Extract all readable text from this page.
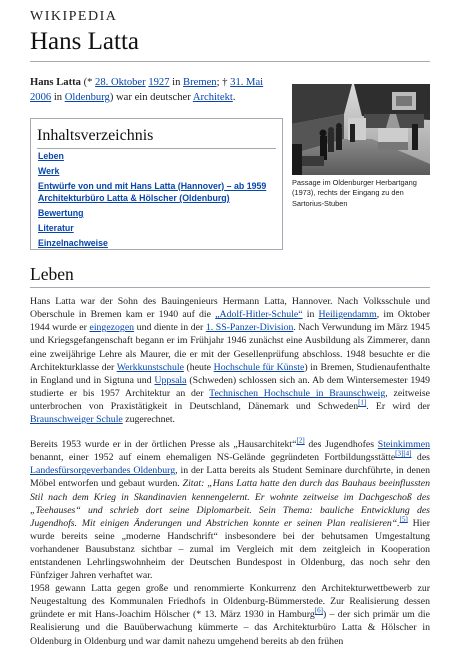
WIKIPEDIA
Hans Latta

Hans Latta (* 28. Oktober 1927 in Bremen; † 31. Mai 2006 in Oldenburg) war ein deutscher Architekt.

Inhaltsverzeichnis
Leben
Werk
Entwürfe von und mit Hans Latta (Hannover) – ab 1959
Architekturbüro Latta & Hölscher (Oldenburg)
Bewertung
Literatur
Einzelnachweise

Passage im Oldenburger Herbartgang (1973), rechts der Eingang zu den Sartorius-Stuben

Leben

Hans Latta war der Sohn des Bauingenieurs Hermann Latta, Hannover. Nach Volksschule und Oberschule in Bremen kam er 1940 auf die „Adolf-Hitler-Schule“ in Heiligendamm, im Oktober 1944 wurde er eingezogen und diente in der 1. SS-Panzer-Division. Nach Verwundung im März 1945 und Kriegsgefangenschaft begann er im Frühjahr 1946 zunächst eine Ausbildung als Zimmerer, dann eine zweijährige Lehre als Maurer, die er mit der Gesellenprüfung abschloss. 1948 besuchte er die Architekturklasse der Werkkunstschule (heute Hochschule für Künste) in Bremen, Studienaufenthalte in England und in Sigtuna und Uppsala (Schweden) schlossen sich an. Ab dem Wintersemester 1949 studierte er bis 1957 Architektur an der Technischen Hochschule in Braunschweig, zeitweise unterbrochen von Praxistätigkeit in Deutschland, Dänemark und Schweden[1]. Er wird der Braunschweiger Schule zugerechnet.

Bereits 1953 wurde er in der örtlichen Presse als „Hausarchitekt“[2] des Jugendhofes Steinkimmen benannt, einer 1952 auf einem ehemaligen NS-Gelände gegründeten Fortbildungsstätte[3][4] des Landesfürsorgeverbandes Oldenburg, in der Latta bereits als Student Seminare durchführte, in denen Möbel entworfen und gebaut wurden. Zitat: „Hans Latta hatte den durch das Bauhaus beeinflussten Stil nach dem Krieg in Skandinavien kennengelernt. Er wohnte zeitweise im Dachgeschoß des „Teehauses“ und schrieb dort seine Diplomarbeit. Sein Thema: bauliche Entwicklung des Jugendhofs. Mit einigen Änderungen und Abstrichen konnte er seinen Plan realisieren“.[5] Hier wurde bereits seine „moderne Handschrift“ insbesondere bei der behutsamen Umgestaltung vorhandener Bausubstanz sichtbar – zumal im Vergleich mit dem zeitgleich in Kooperation entstandenen Lehrlingswohnheim der Deutschen Bundespost in Oldenburg, das noch sehr den Fünfziger Jahren verhaftet war.

1958 gewann Latta gegen große und renommierte Konkurrenz den Architekturwettbewerb zur Neugestaltung des Kommunalen Friedhofs in Oldenburg-Bümmerstede. Zur Realisierung dessen gründete er mit Hans-Joachim Hölscher (* 13. März 1930 in Hamburg[6]) – der sich primär um die Realisierung und die Bauüberwachung kümmerte – das Architekturbüro Latta & Hölscher in Oldenburg in Oldenburg und war damit nahezu umgehend bereits ab den frühen
